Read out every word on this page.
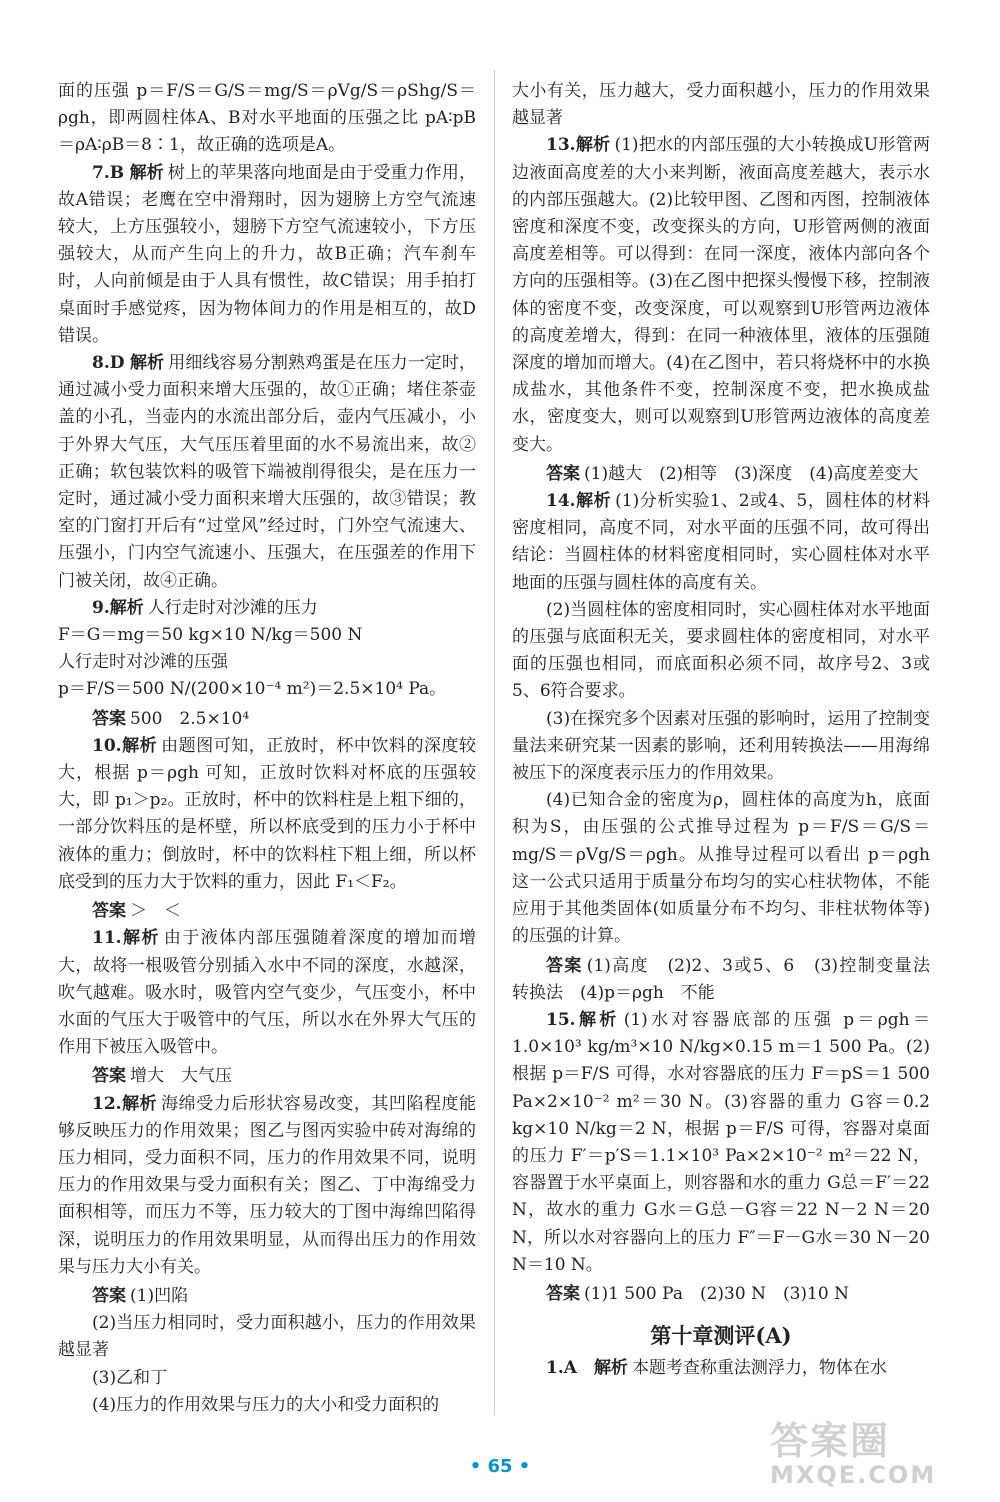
面的压强 p＝F/S＝G/S＝mg/S＝ρVg/S＝ρShg/S＝ρgh，即两圆柱体A、B对水平地面的压强之比 pA∶pB＝ρA∶ρB＝8∶1，故正确的选项是A。

7.B 解析 树上的苹果落向地面是由于受重力作用，故A错误；老鹰在空中滑翔时，因为翅膀上方空气流速较大，上方压强较小，翅膀下方空气流速较小，下方压强较大，从而产生向上的升力，故B正确；汽车刹车时，人向前倾是由于人具有惯性，故C错误；用手拍打桌面时手感觉疼，因为物体间力的作用是相互的，故D错误。

8.D 解析 用细线容易分割熟鸡蛋是在压力一定时，通过减小受力面积来增大压强的，故①正确；堵住茶壶盖的小孔，当壶内的水流出部分后，壶内气压减小，小于外界大气压，大气压压着里面的水不易流出来，故②正确；软包装饮料的吸管下端被削得很尖，是在压力一定时，通过减小受力面积来增大压强的，故③错误；教室的门窗打开后有“过堂风”经过时，门外空气流速大、压强小，门内空气流速小、压强大，在压强差的作用下门被关闭，故④正确。

9.解析 人行走时对沙滩的压力

F＝G＝mg＝50 kg×10 N/kg＝500 N

人行走时对沙滩的压强

p＝F/S＝500 N/(200×10⁻⁴ m²)＝2.5×10⁴ Pa。

答案 500　2.5×10⁴

10.解析 由题图可知，正放时，杯中饮料的深度较大，根据 p＝ρgh 可知，正放时饮料对杯底的压强较大，即 p₁＞p₂。正放时，杯中的饮料柱是上粗下细的，一部分饮料压的是杯壁，所以杯底受到的压力小于杯中液体的重力；倒放时，杯中的饮料柱下粗上细，所以杯底受到的压力大于饮料的重力，因此 F₁＜F₂。

答案 ＞　＜

11.解析 由于液体内部压强随着深度的增加而增大，故将一根吸管分别插入水中不同的深度，水越深，吹气越难。吸水时，吸管内空气变少，气压变小，杯中水面的气压大于吸管中的气压，所以水在外界大气压的作用下被压入吸管中。

答案 增大　大气压

12.解析 海绵受力后形状容易改变，其凹陷程度能够反映压力的作用效果；图乙与图丙实验中砖对海绵的压力相同，受力面积不同，压力的作用效果不同，说明压力的作用效果与受力面积有关；图乙、丁中海绵受力面积相等，而压力不等，压力较大的丁图中海绵凹陷得深，说明压力的作用效果明显，从而得出压力的作用效果与压力大小有关。

答案 (1)凹陷

(2)当压力相同时，受力面积越小，压力的作用效果越显著

(3)乙和丁

(4)压力的作用效果与压力的大小和受力面积的

大小有关，压力越大，受力面积越小，压力的作用效果越显著

13.解析 (1)把水的内部压强的大小转换成U形管两边液面高度差的大小来判断，液面高度差越大，表示水的内部压强越大。(2)比较甲图、乙图和丙图，控制液体密度和深度不变，改变探头的方向，U形管两侧的液面高度差相等。可以得到：在同一深度，液体内部向各个方向的压强相等。(3)在乙图中把探头慢慢下移，控制液体的密度不变，改变深度，可以观察到U形管两边液体的高度差增大，得到：在同一种液体里，液体的压强随深度的增加而增大。(4)在乙图中，若只将烧杯中的水换成盐水，其他条件不变，控制深度不变，把水换成盐水，密度变大，则可以观察到U形管两边液体的高度差变大。

答案 (1)越大　(2)相等　(3)深度　(4)高度差变大

14.解析 (1)分析实验1、2或4、5，圆柱体的材料密度相同，高度不同，对水平面的压强不同，故可得出结论：当圆柱体的材料密度相同时，实心圆柱体对水平地面的压强与圆柱体的高度有关。

(2)当圆柱体的密度相同时，实心圆柱体对水平地面的压强与底面积无关，要求圆柱体的密度相同，对水平面的压强也相同，而底面积必须不同，故序号2、3或5、6符合要求。

(3)在探究多个因素对压强的影响时，运用了控制变量法来研究某一因素的影响，还利用转换法——用海绵被压下的深度表示压力的作用效果。

(4)已知合金的密度为ρ，圆柱体的高度为h，底面积为S，由压强的公式推导过程为 p＝F/S＝G/S＝mg/S＝ρVg/S＝ρgh。从推导过程可以看出 p＝ρgh 这一公式只适用于质量分布均匀的实心柱状物体，不能应用于其他类固体(如质量分布不均匀、非柱状物体等)的压强的计算。

答案 (1)高度　(2)2、3或5、6　(3)控制变量法　转换法　(4)p＝ρgh　不能

15.解析 (1)水对容器底部的压强 p＝ρgh＝1.0×10³ kg/m³×10 N/kg×0.15 m＝1 500 Pa。(2)根据 p＝F/S 可得，水对容器底的压力 F＝pS＝1 500 Pa×2×10⁻² m²＝30 N。(3)容器的重力 G容＝0.2 kg×10 N/kg＝2 N，根据 p＝F/S 可得，容器对桌面的压力 F′＝p′S＝1.1×10³ Pa×2×10⁻² m²＝22 N，容器置于水平桌面上，则容器和水的重力 G总＝F′＝22 N，故水的重力 G水＝G总－G容＝22 N－2 N＝20 N，所以水对容器向上的压力 F″＝F－G水＝30 N－20 N＝10 N。

答案 (1)1 500 Pa　(2)30 N　(3)10 N

第十章测评(A)

1.A　 解析 本题考查称重法测浮力，物体在水

• 65 •
答案圈
MXQE.COM
